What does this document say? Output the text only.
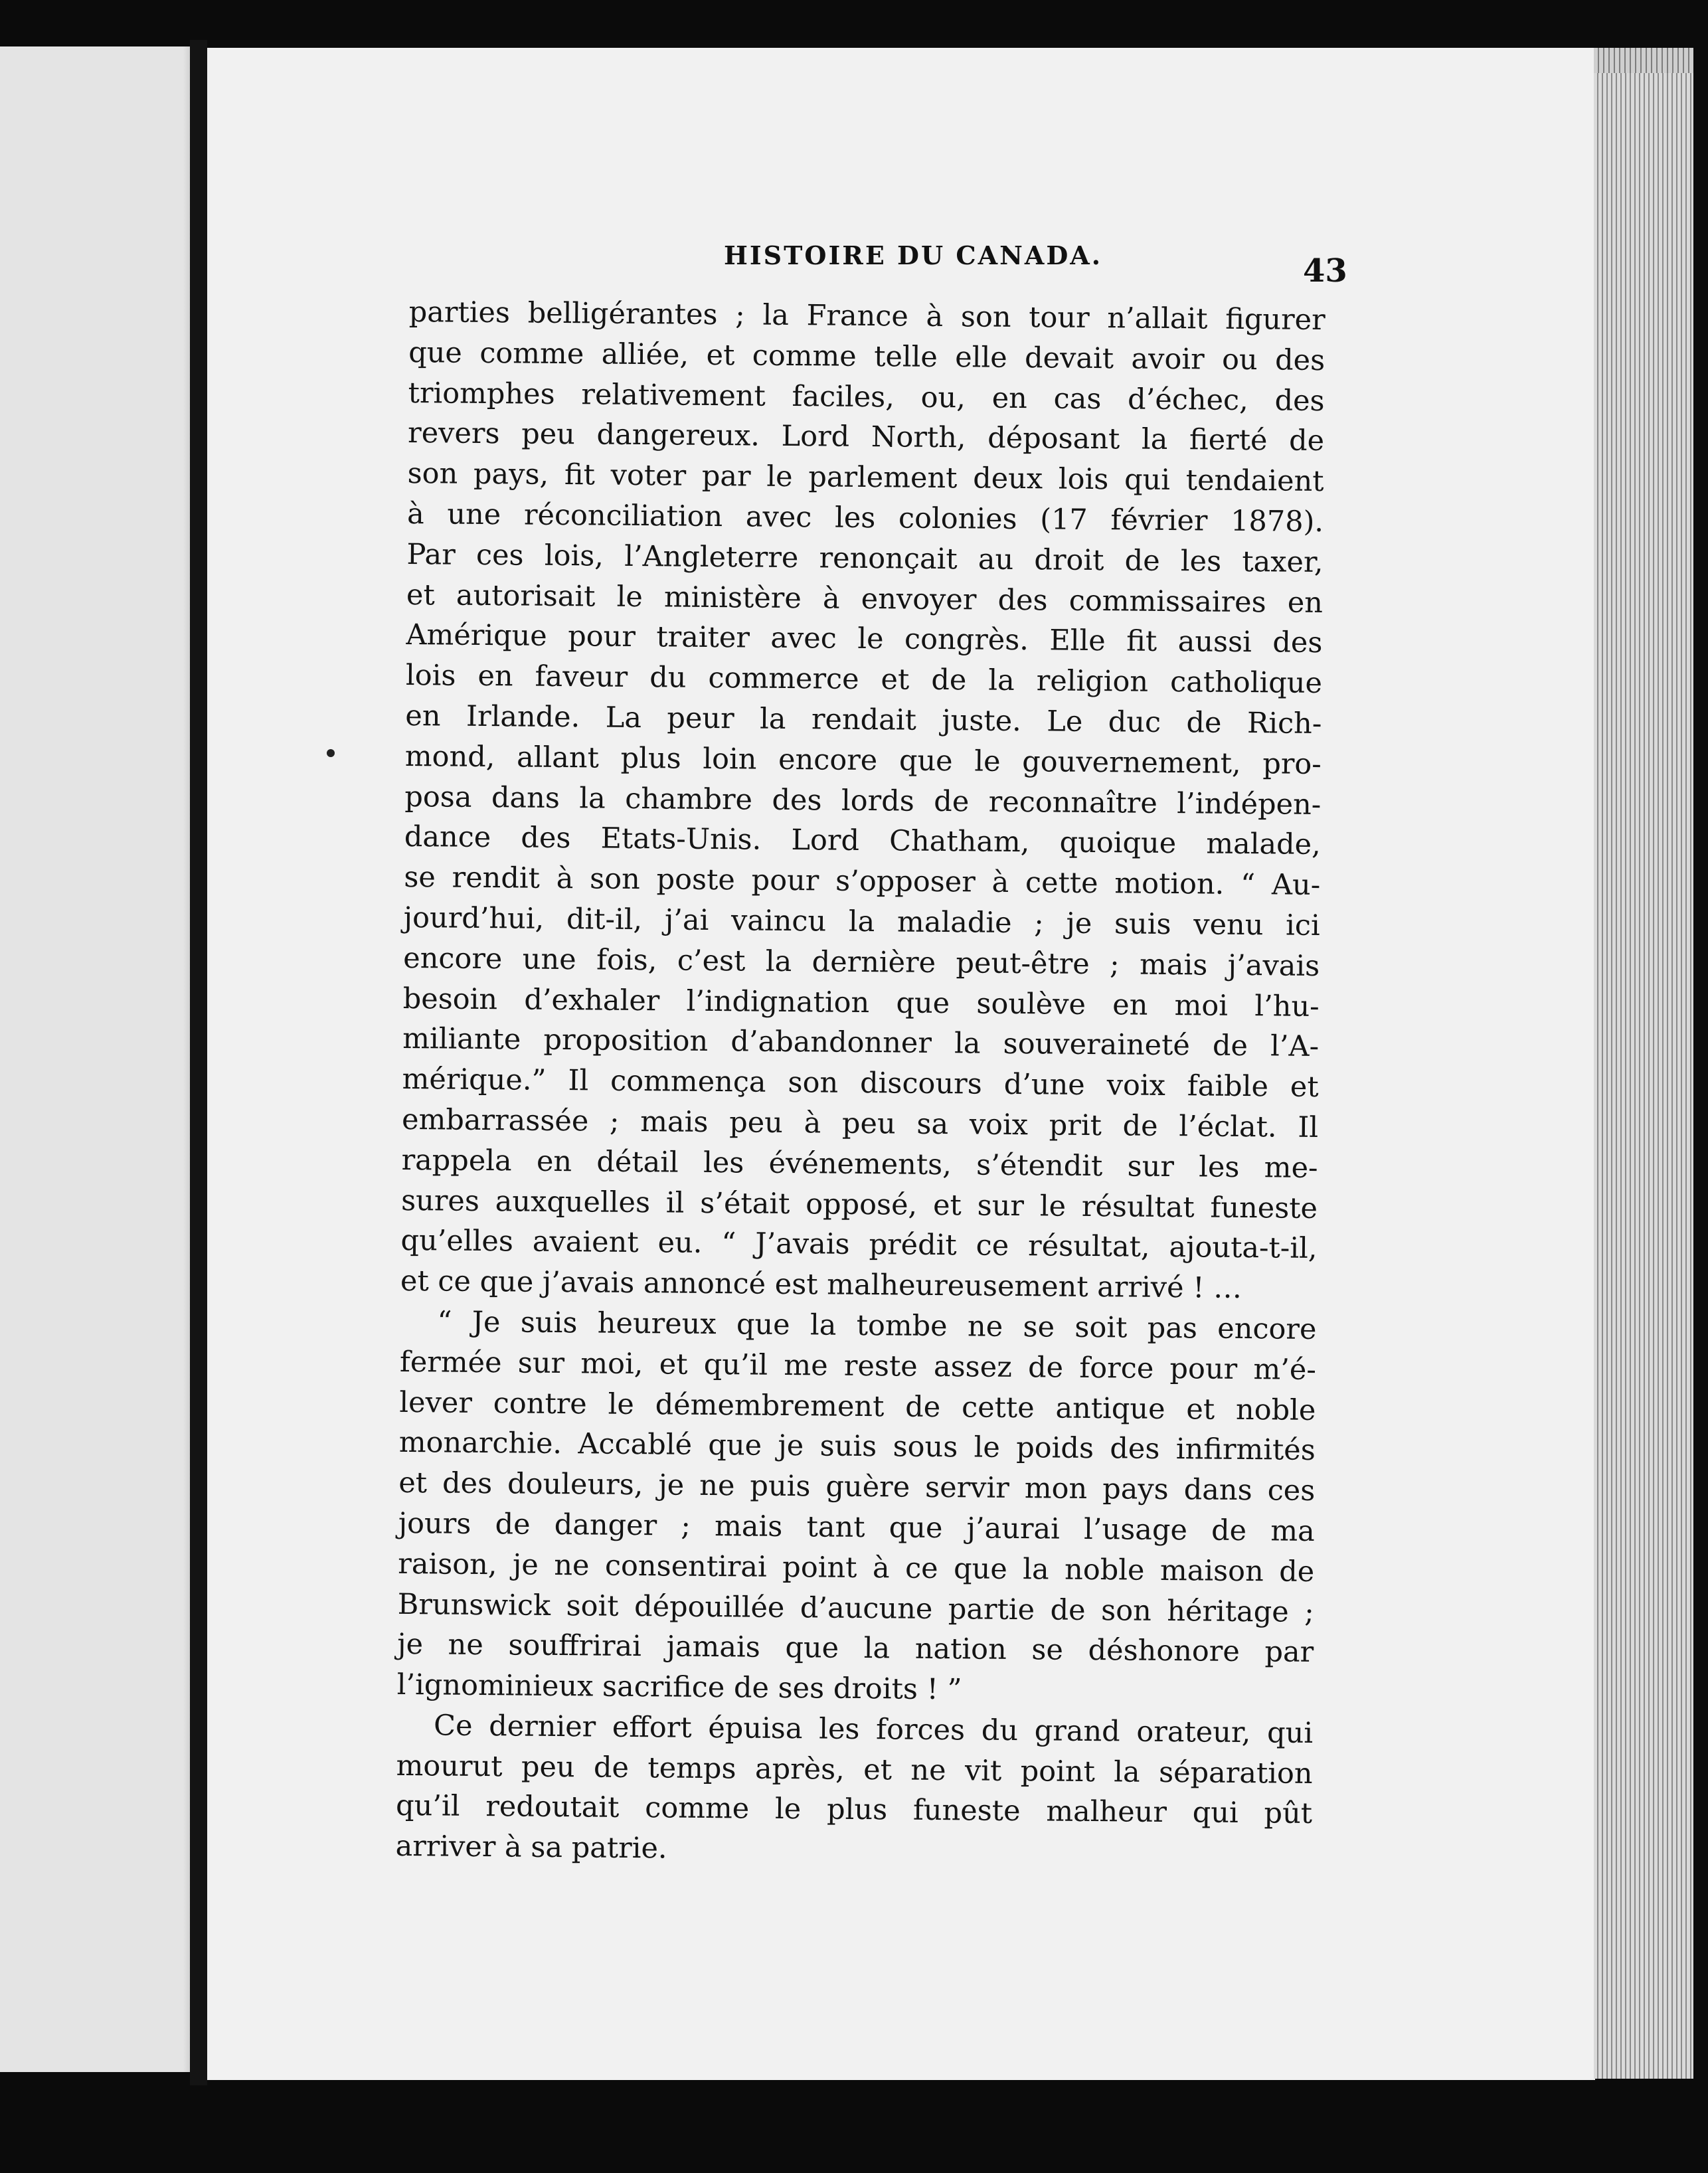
HISTOIRE DU CANADA.	43
parties belligérantes ; la France à son tour n’allait figurer
que comme alliée, et comme telle elle devait avoir ou des
triomphes relativement faciles, ou, en cas d’échec, des
revers peu dangereux. Lord North, déposant la fierté de
son pays, fit voter par le parlement deux lois qui tendaient
à une réconciliation avec les colonies (17 février 1878).
Par ces lois, l’Angleterre renonçait au droit de les taxer,
et autorisait le ministère à envoyer des commissaires en
Amérique pour traiter avec le congrès. Elle fit aussi des
lois en faveur du commerce et de la religion catholique
en Irlande. La peur la rendait juste. Le duc de Rich-
mond, allant plus loin encore que le gouvernement, pro-
posa dans la chambre des lords de reconnaître l’indépen-
dance des Etats-Unis. Lord Chatham, quoique malade,
se rendit à son poste pour s’opposer à cette motion. “ Au-
jourd’hui, dit-il, j’ai vaincu la maladie ; je suis venu ici
encore une fois, c’est la dernière peut-être ; mais j’avais
besoin d’exhaler l’indignation que soulève en moi l’hu-
miliante proposition d’abandonner la souveraineté de l’A-
mérique.” Il commença son discours d’une voix faible et
embarrassée ; mais peu à peu sa voix prit de l’éclat. Il
rappela en détail les événements, s’étendit sur les me-
sures auxquelles il s’était opposé, et sur le résultat funeste
qu’elles avaient eu. “ J’avais prédit ce résultat, ajouta-t-il,
et ce que j’avais annoncé est malheureusement arrivé ! …
“ Je suis heureux que la tombe ne se soit pas encore
fermée sur moi, et qu’il me reste assez de force pour m’é-
lever contre le démembrement de cette antique et noble
monarchie. Accablé que je suis sous le poids des infirmités
et des douleurs, je ne puis guère servir mon pays dans ces
jours de danger ; mais tant que j’aurai l’usage de ma
raison, je ne consentirai point à ce que la noble maison de
Brunswick soit dépouillée d’aucune partie de son héritage ;
je ne souffrirai jamais que la nation se déshonore par
l’ignominieux sacrifice de ses droits ! ”
Ce dernier effort épuisa les forces du grand orateur, qui
mourut peu de temps après, et ne vit point la séparation
qu’il redoutait comme le plus funeste malheur qui pût
arriver à sa patrie.
